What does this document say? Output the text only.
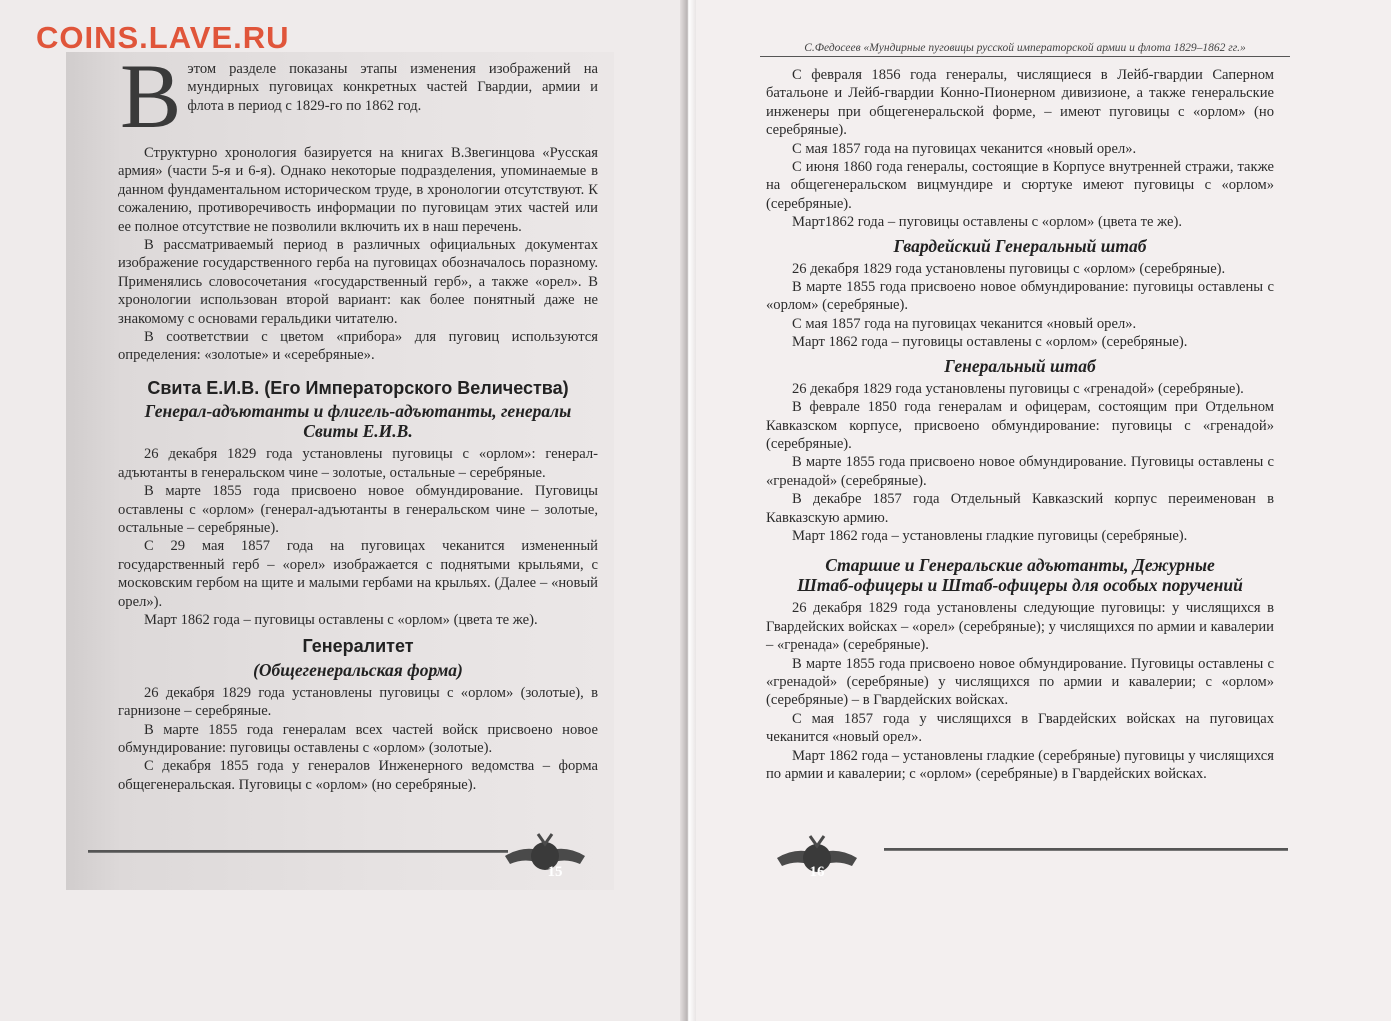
COINS.LAVE.RU	С.Федосеев «Мундирные пуговицы русской императорской армии и флота 1829–1862 гг.»
В этом разделе показаны этапы изменения изображений на мундирных пуговицах конкретных частей Гвардии, армии и флота в период с 1829-го по 1862 год.

Структурно хронология базируется на книгах В.Звегинцова «Русская армия» (части 5-я и 6-я). Однако некоторые подразделения, упоминаемые в данном фундаментальном историческом труде, в хронологии отсутствуют. К сожалению, противоречивость информации по пуговицам этих частей или ее полное отсутствие не позволили включить их в наш перечень.

В рассматриваемый период в различных официальных документах изображение государственного герба на пуговицах обозначалось поразному. Применялись словосочетания «государственный герб», а также «орел». В хронологии использован второй вариант: как более понятный даже не знакомому с основами геральдики читателю.

В соответствии с цветом «прибора» для пуговиц используются определения: «золотые» и «серебряные».

Свита Е.И.В. (Его Императорского Величества)
Генерал-адъютанты и флигель-адъютанты, генералы Свиты Е.И.В.

26 декабря 1829 года установлены пуговицы с «орлом»: генерал-адъютанты в генеральском чине – золотые, остальные – серебряные.

В марте 1855 года присвоено новое обмундирование. Пуговицы оставлены с «орлом» (генерал-адъютанты в генеральском чине – золотые, остальные – серебряные).

С 29 мая 1857 года на пуговицах чеканится измененный государственный герб – «орел» изображается с поднятыми крыльями, с московским гербом на щите и малыми гербами на крыльях. (Далее – «новый орел»).

Март 1862 года – пуговицы оставлены с «орлом» (цвета те же).

Генералитет
(Общегенеральская форма)

26 декабря 1829 года установлены пуговицы с «орлом» (золотые), в гарнизоне – серебряные.

В марте 1855 года генералам всех частей войск присвоено новое обмундирование: пуговицы оставлены с «орлом» (золотые).

С декабря 1855 года у генералов Инженерного ведомства – форма общегенеральская. Пуговицы с «орлом» (но серебряные).

15

С февраля 1856 года генералы, числящиеся в Лейб-гвардии Саперном батальоне и Лейб-гвардии Конно-Пионерном дивизионе, а также генеральские инженеры при общегенеральской форме, – имеют пуговицы с «орлом» (но серебряные).

С мая 1857 года на пуговицах чеканится «новый орел».

С июня 1860 года генералы, состоящие в Корпусе внутренней стражи, также на общегенеральском вицмундире и сюртуке имеют пуговицы с «орлом» (серебряные).

Март1862 года – пуговицы оставлены с «орлом» (цвета те же).

Гвардейский Генеральный штаб

26 декабря 1829 года установлены пуговицы с «орлом» (серебряные).

В марте 1855 года присвоено новое обмундирование: пуговицы оставлены с «орлом» (серебряные).

С мая 1857 года на пуговицах чеканится «новый орел».

Март 1862 года – пуговицы оставлены с «орлом» (серебряные).

Генеральный штаб

26 декабря 1829 года установлены пуговицы с «гренадой» (серебряные).

В феврале 1850 года генералам и офицерам, состоящим при Отдельном Кавказском корпусе, присвоено обмундирование: пуговицы с «гренадой» (серебряные).

В марте 1855 года присвоено новое обмундирование. Пуговицы оставлены с «гренадой» (серебряные).

В декабре 1857 года Отдельный Кавказский корпус переименован в Кавказскую армию.

Март 1862 года – установлены гладкие пуговицы (серебряные).

Старшие и Генеральские адъютанты, Дежурные Штаб-офицеры и Штаб-офицеры для особых поручений

26 декабря 1829 года установлены следующие пуговицы: у числящихся в Гвардейских войсках – «орел» (серебряные); у числящихся по армии и кавалерии – «гренада» (серебряные).

В марте 1855 года присвоено новое обмундирование. Пуговицы оставлены с «гренадой» (серебряные) у числящихся по армии и кавалерии; с «орлом» (серебряные) – в Гвардейских войсках.

С мая 1857 года у числящихся в Гвардейских войсках на пуговицах чеканится «новый орел».

Март 1862 года – установлены гладкие (серебряные) пуговицы у числящихся по армии и кавалерии; с «орлом» (серебряные) в Гвардейских войсках.

16
